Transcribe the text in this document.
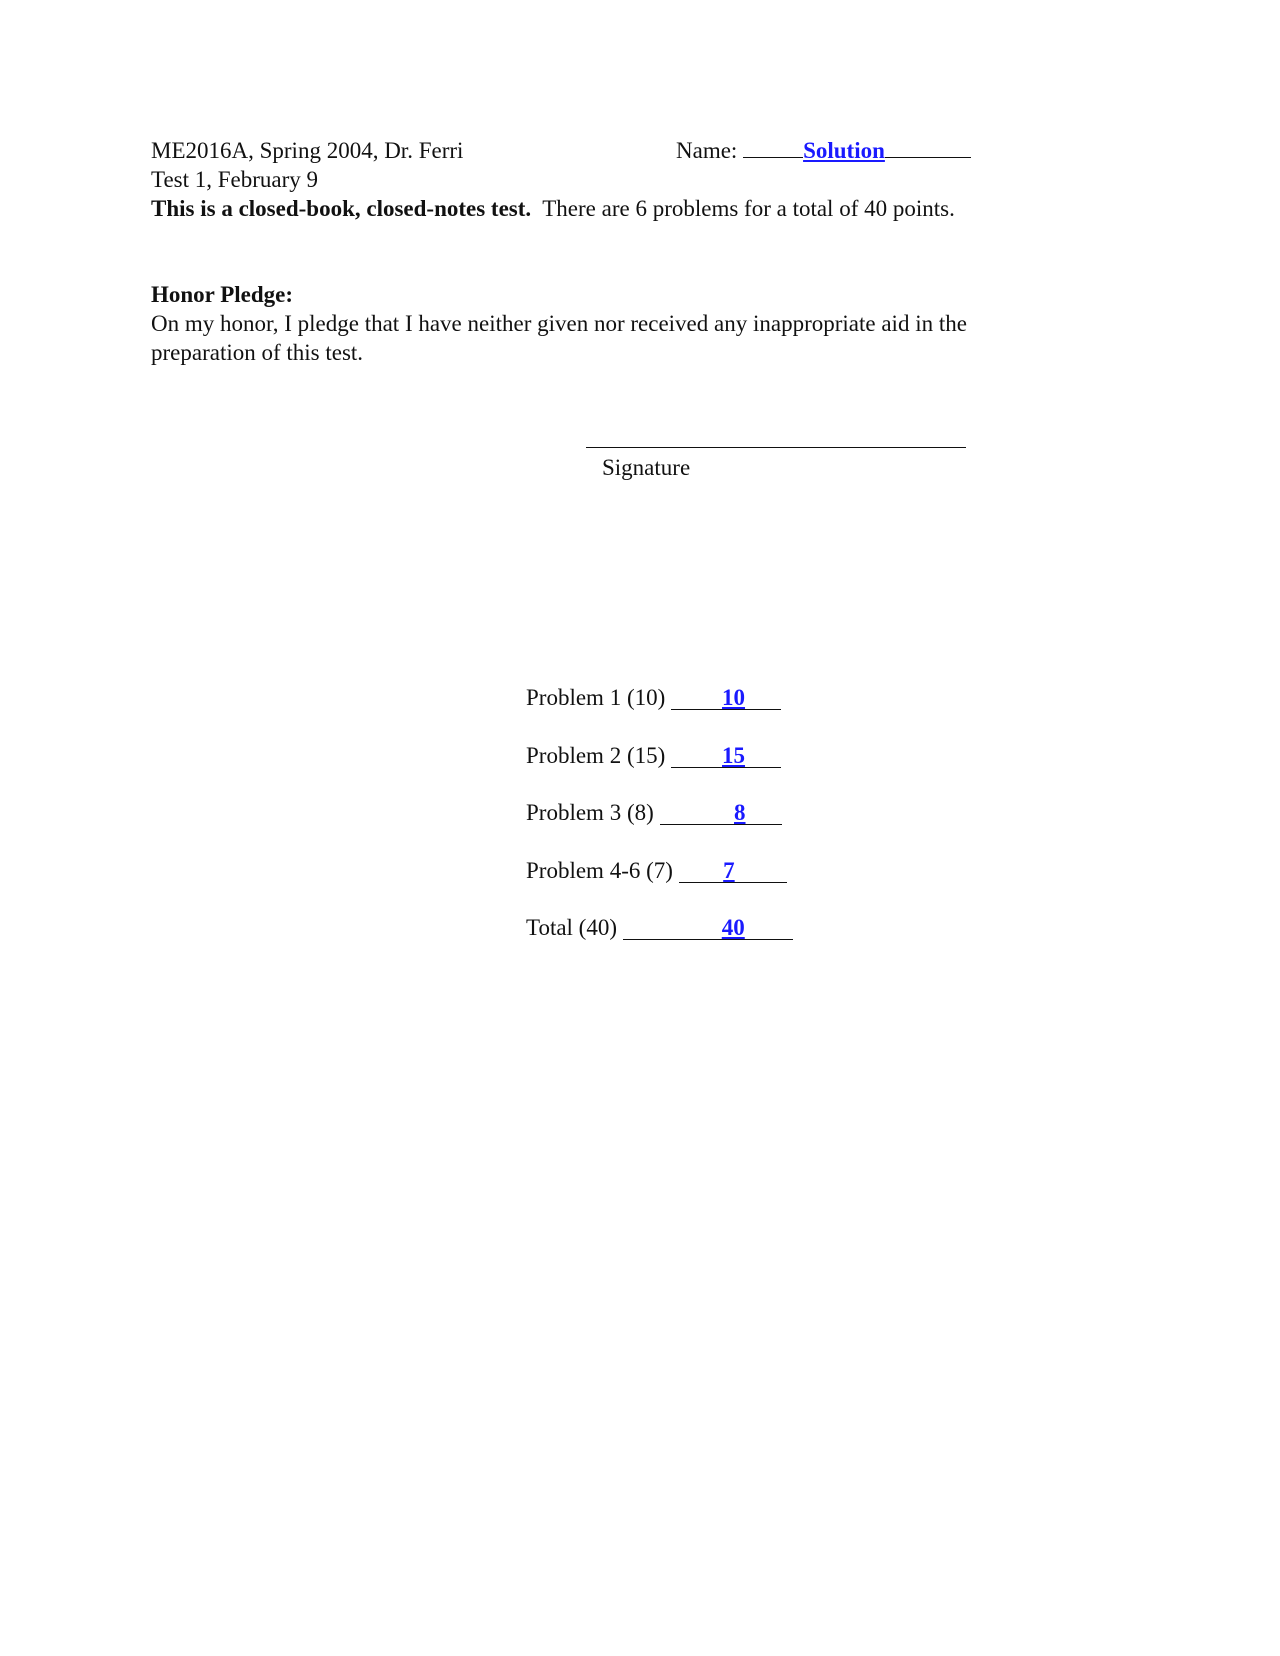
ME2016A, Spring 2004, Dr. Ferri	Name:	Solution
Test 1, February 9
This is a closed-book, closed-notes test.  There are 6 problems for a total of 40 points.
Honor Pledge:
On my honor, I pledge that I have neither given nor received any inappropriate aid in the
preparation of this test.
Signature
Problem 1 (10) 10
Problem 2 (15) 15
Problem 3 (8)	8
Problem 4-6 (7) 7
Total (40)	40
